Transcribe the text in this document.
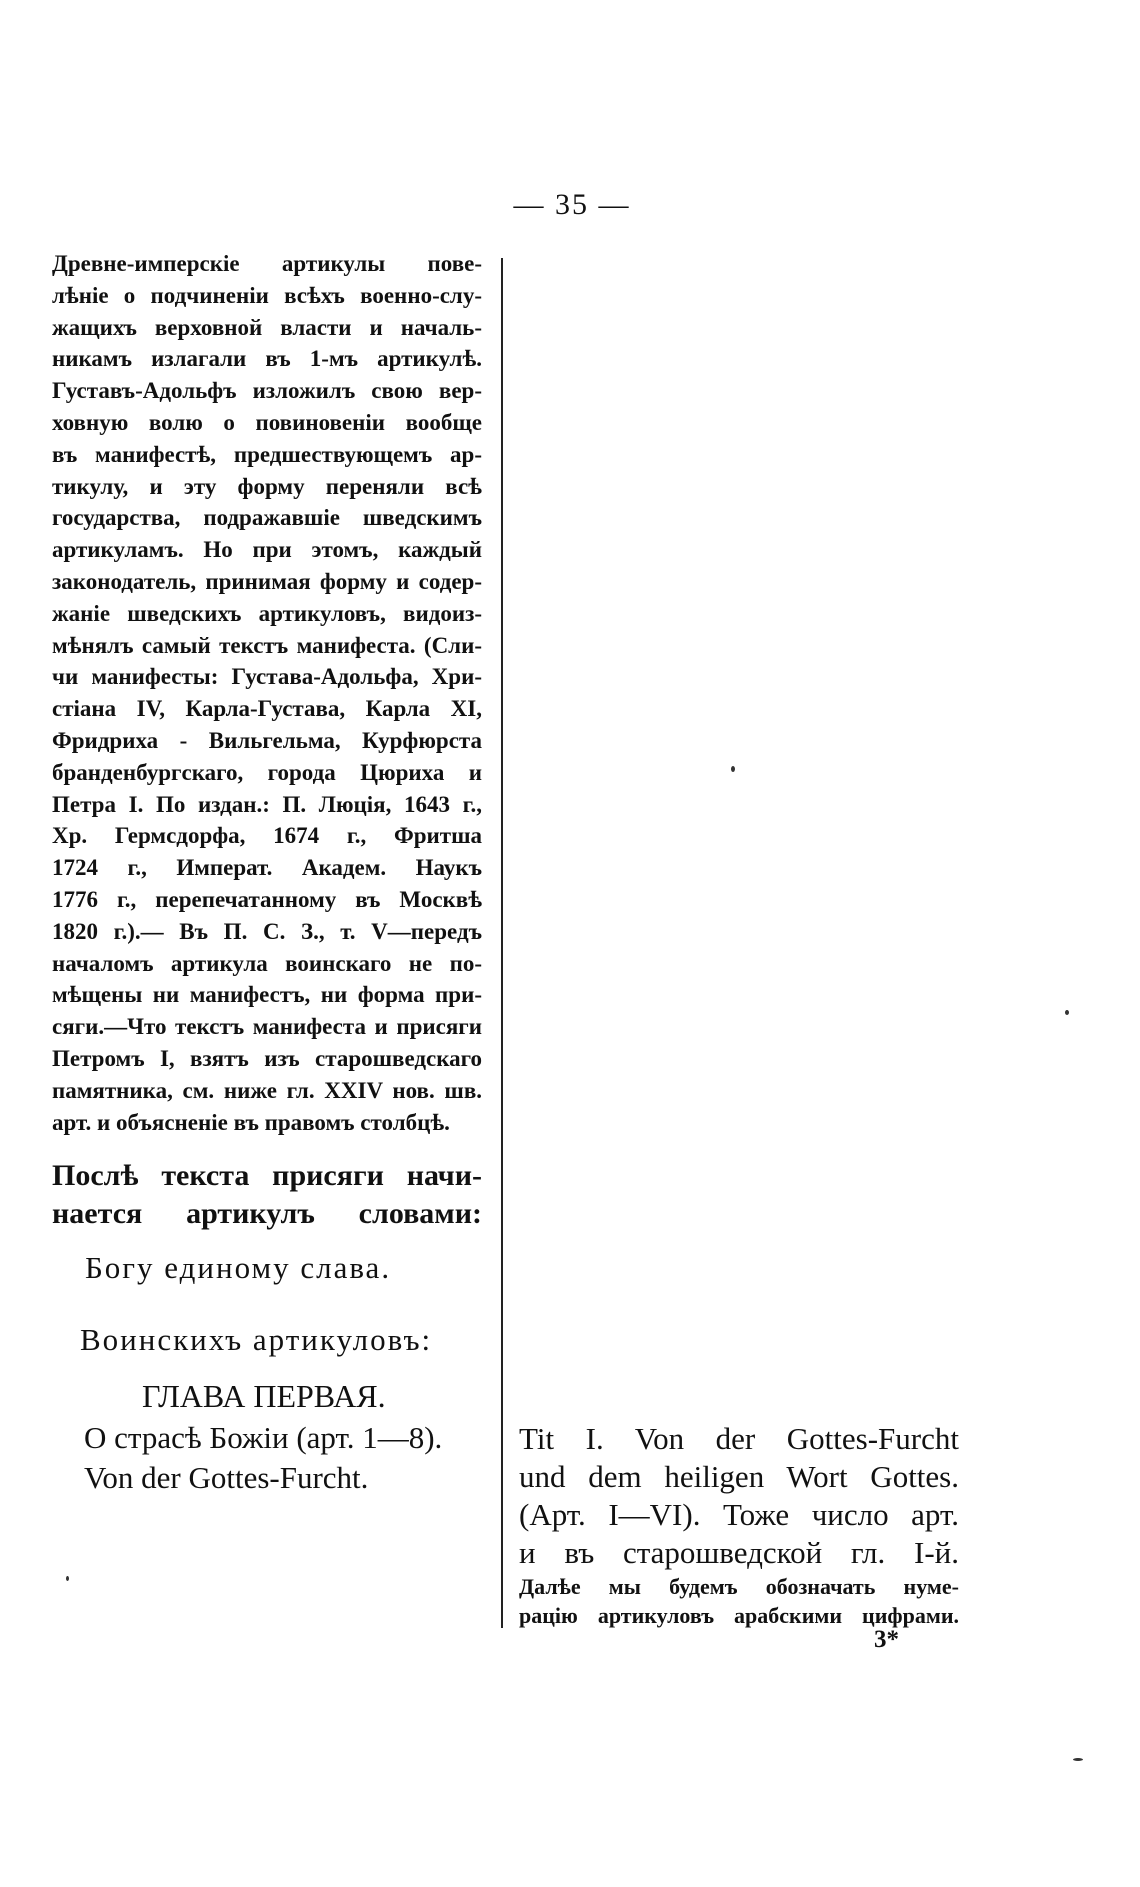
— 35 —
Древне-имперскіе артикулы пове-
лѣніе о подчиненіи всѣхъ военно-слу-
жащихъ верховной власти и началь-
никамъ излагали въ 1-мъ артикулѣ.
Густавъ-Адольфъ изложилъ свою вер-
ховную волю о повиновеніи вообще
въ манифестѣ, предшествующемъ ар-
тикулу, и эту форму переняли всѣ
государства, подражавшіе шведскимъ
артикуламъ. Но при этомъ, каждый
законодатель, принимая форму и содер-
жаніе шведскихъ артикуловъ, видоиз-
мѣнялъ самый текстъ манифеста. (Сли-
чи манифесты: Густава-Адольфа, Хри-
стіана IV, Карла-Густава, Карла XI,
Фридриха - Вильгельма, Курфюрста
бранденбургскаго, города Цюриха и
Петра I. По издан.: П. Люція, 1643 г.,
Хр. Гермсдорфа, 1674 г., Фритша
1724 г., Императ. Академ. Наукъ
1776 г., перепечатанному въ Москвѣ
1820 г.).— Въ П. С. З., т. V—передъ
началомъ артикула воинскаго не по-
мѣщены ни манифестъ, ни форма при-
сяги.—Что текстъ манифеста и присяги
Петромъ I, взятъ изъ старошведскаго
памятника, см. ниже гл. XXIV нов. шв.
арт. и объясненіе въ правомъ столбцѣ.
Послѣ текста присяги начи-
нается артикулъ словами:
Богу единому слава.
Воинскихъ артикуловъ:
ГЛАВА ПЕРВАЯ.
О страсѣ Божіи (арт. 1—8).
Von der Gottes-Furcht.
Tit I. Von der Gottes-Furcht
und dem heiligen Wort Gottes.
(Арт. I—VI). Тоже число арт.
и въ старошведской гл. I-й.
Далѣе мы будемъ обозначать нуме-
рацію артикуловъ арабскими цифрами.
3*
